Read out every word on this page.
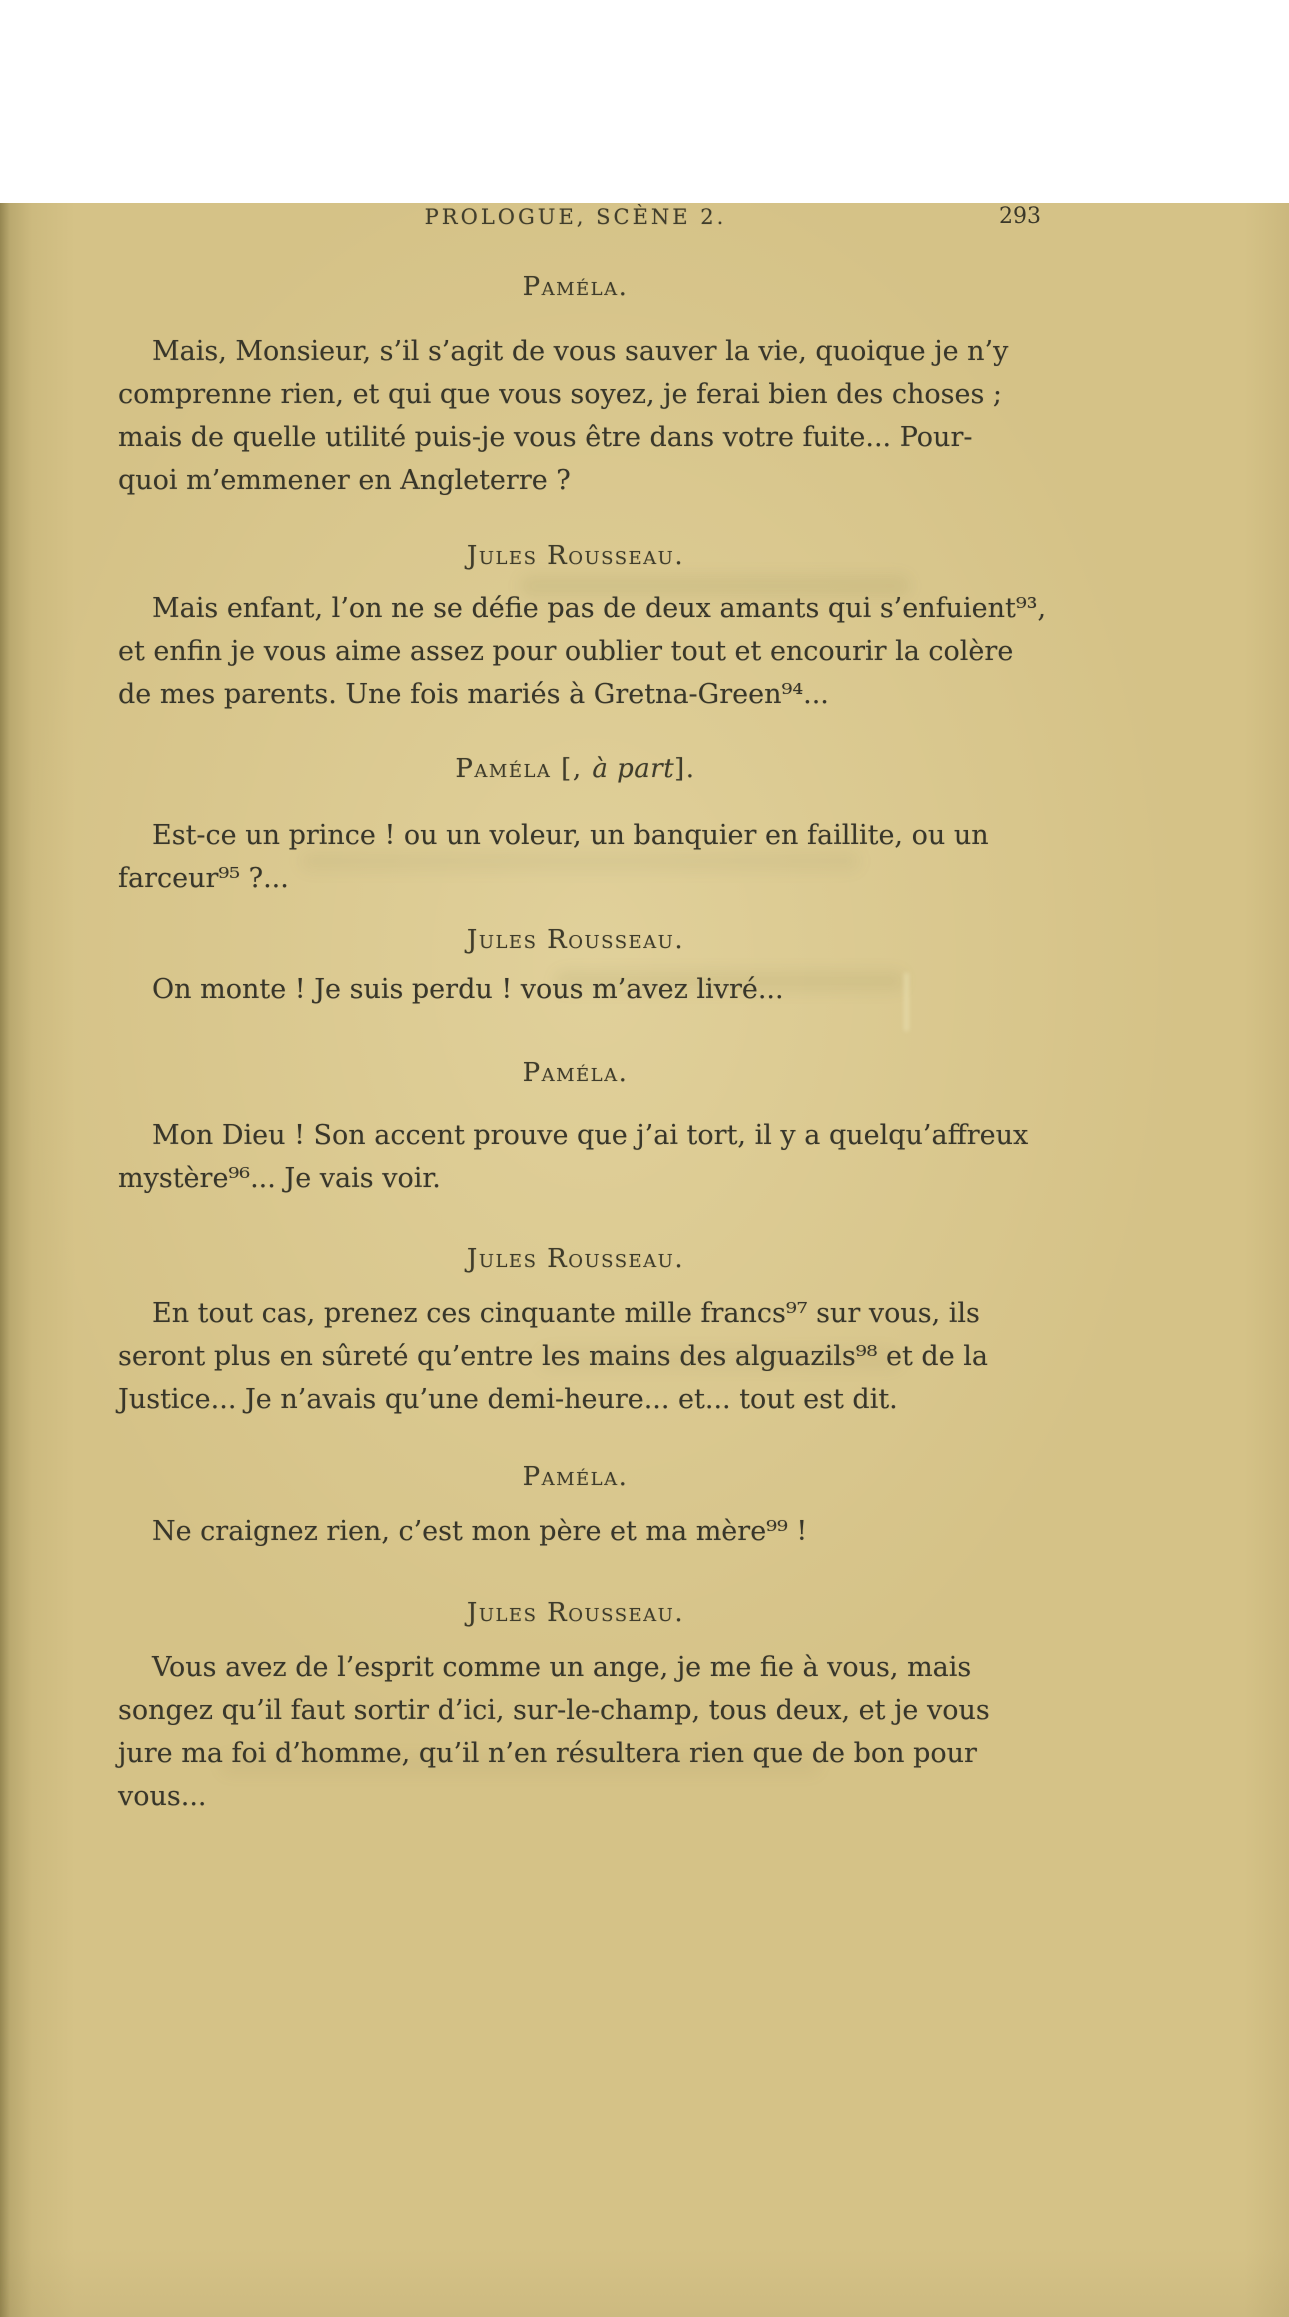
PROLOGUE, SCÈNE 2.	293
Paméla.
Mais, Monsieur, s’il s’agit de vous sauver la vie, quoique je n’y
comprenne rien, et qui que vous soyez, je ferai bien des choses ;
mais de quelle utilité puis-je vous être dans votre fuite... Pour-
quoi m’emmener en Angleterre ?
Jules Rousseau.
Mais enfant, l’on ne se défie pas de deux amants qui s’enfuient⁹³,
et enfin je vous aime assez pour oublier tout et encourir la colère
de mes parents. Une fois mariés à Gretna-Green⁹⁴...
Paméla [, à part].
Est-ce un prince ! ou un voleur, un banquier en faillite, ou un
farceur⁹⁵ ?...
Jules Rousseau.
On monte ! Je suis perdu ! vous m’avez livré...
Paméla.
Mon Dieu ! Son accent prouve que j’ai tort, il y a quelqu’affreux
mystère⁹⁶... Je vais voir.
Jules Rousseau.
En tout cas, prenez ces cinquante mille francs⁹⁷ sur vous, ils
seront plus en sûreté qu’entre les mains des alguazils⁹⁸ et de la
Justice... Je n’avais qu’une demi-heure... et... tout est dit.
Paméla.
Ne craignez rien, c’est mon père et ma mère⁹⁹ !
Jules Rousseau.
Vous avez de l’esprit comme un ange, je me fie à vous, mais
songez qu’il faut sortir d’ici, sur-le-champ, tous deux, et je vous
jure ma foi d’homme, qu’il n’en résultera rien que de bon pour
vous...
